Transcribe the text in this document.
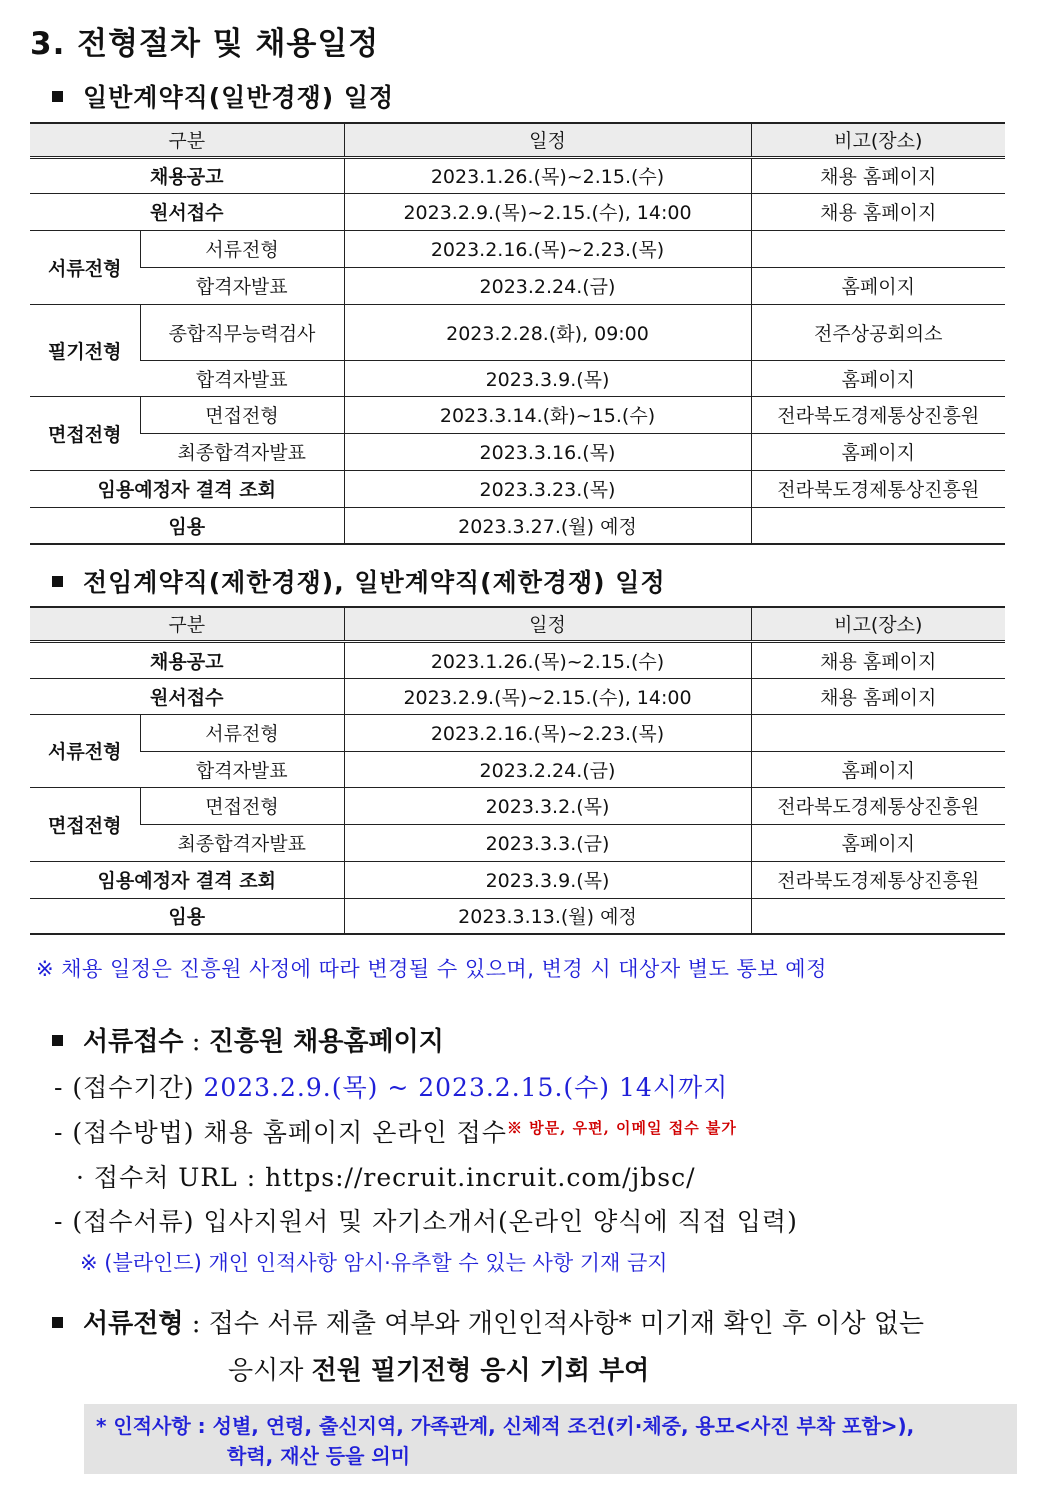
3. 전형절차 및 채용일정
일반계약직(일반경쟁) 일정
구분		일정	비고(장소)
채용공고		2023.1.26.(목)~2.15.(수)	채용 홈페이지
원서접수		2023.2.9.(목)~2.15.(수), 14:00	채용 홈페이지
서류전형	서류전형	2023.2.16.(목)~2.23.(목)	
	합격자발표	2023.2.24.(금)	홈페이지
필기전형	종합직무능력검사	2023.2.28.(화), 09:00	전주상공회의소
	합격자발표	2023.3.9.(목)	홈페이지
면접전형	면접전형	2023.3.14.(화)~15.(수)	전라북도경제통상진흥원
	최종합격자발표	2023.3.16.(목)	홈페이지
임용예정자 결격 조회		2023.3.23.(목)	전라북도경제통상진흥원
임용		2023.3.27.(월) 예정	
전임계약직(제한경쟁), 일반계약직(제한경쟁) 일정
구분		일정	비고(장소)
채용공고		2023.1.26.(목)~2.15.(수)	채용 홈페이지
원서접수		2023.2.9.(목)~2.15.(수), 14:00	채용 홈페이지
서류전형	서류전형	2023.2.16.(목)~2.23.(목)	
	합격자발표	2023.2.24.(금)	홈페이지
면접전형	면접전형	2023.3.2.(목)	전라북도경제통상진흥원
	최종합격자발표	2023.3.3.(금)	홈페이지
임용예정자 결격 조회		2023.3.9.(목)	전라북도경제통상진흥원
임용		2023.3.13.(월) 예정	
※ 채용 일정은 진흥원 사정에 따라 변경될 수 있으며, 변경 시 대상자 별도 통보 예정
서류접수 : 진흥원 채용홈페이지
- (접수기간) 2023.2.9.(목) ~ 2023.2.15.(수) 14시까지
- (접수방법) 채용 홈페이지 온라인 접수$^{※ 방문, 우편, 이메일 접수 불가}$
· 접수처 URL : https://recruit.incruit.com/jbsc/
- (접수서류) 입사지원서 및 자기소개서(온라인 양식에 직접 입력)
※ (블라인드) 개인 인적사항 암시·유추할 수 있는 사항 기재 금지
서류전형 : 접수 서류 제출 여부와 개인인적사항* 미기재 확인 후 이상 없는
응시자 전원 필기전형 응시 기회 부여
* 인적사항 : 성별, 연령, 출신지역, 가족관계, 신체적 조건(키·체중, 용모<사진 부착 포함>),
학력, 재산 등을 의미
